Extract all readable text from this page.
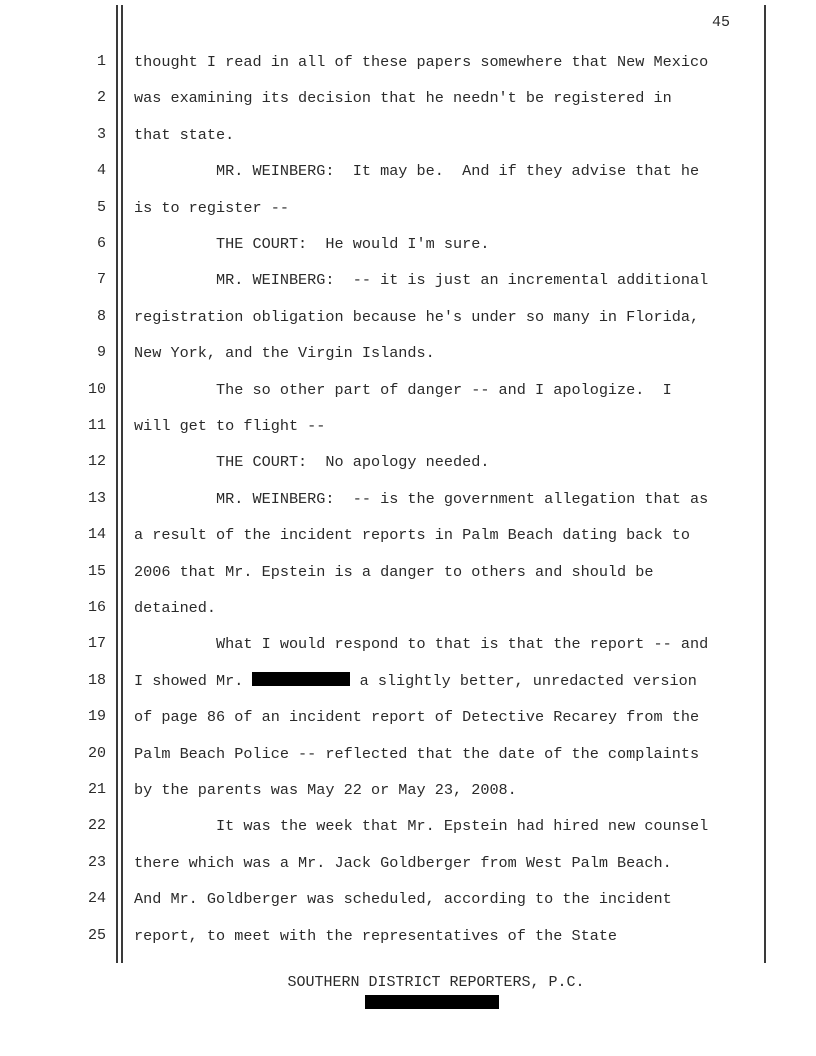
45
1 thought I read in all of these papers somewhere that New Mexico
2 was examining its decision that he needn't be registered in
3 that state.
4 MR. WEINBERG:  It may be.  And if they advise that he
5 is to register --
6 THE COURT:  He would I'm sure.
7 MR. WEINBERG:  -- it is just an incremental additional
8 registration obligation because he's under so many in Florida,
9 New York, and the Virgin Islands.
10 The so other part of danger -- and I apologize.  I
11 will get to flight --
12 THE COURT:  No apology needed.
13 MR. WEINBERG:  -- is the government allegation that as
14 a result of the incident reports in Palm Beach dating back to
15 2006 that Mr. Epstein is a danger to others and should be
16 detained.
17 What I would respond to that is that the report -- and
18 I showed Mr.	a slightly better, unredacted version
19 of page 86 of an incident report of Detective Recarey from the
20 Palm Beach Police -- reflected that the date of the complaints
21 by the parents was May 22 or May 23, 2008.
22 It was the week that Mr. Epstein had hired new counsel
23 there which was a Mr. Jack Goldberger from West Palm Beach.
24 And Mr. Goldberger was scheduled, according to the incident
25 report, to meet with the representatives of the State
SOUTHERN DISTRICT REPORTERS, P.C.
